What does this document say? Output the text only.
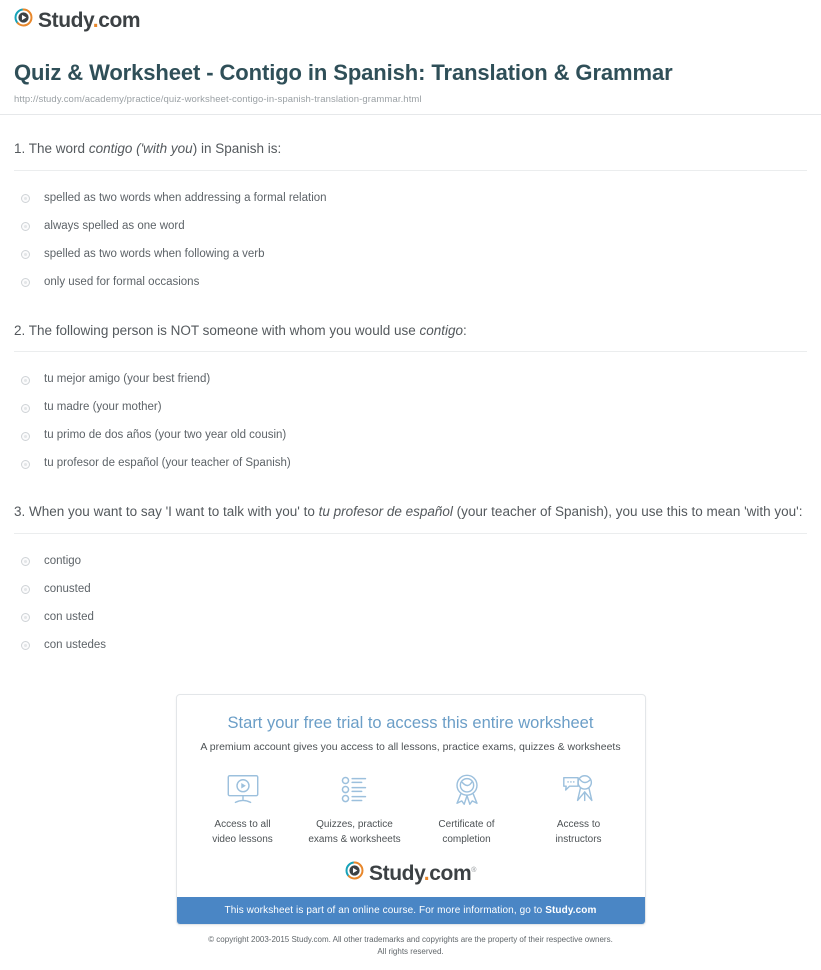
Study.com
Quiz & Worksheet - Contigo in Spanish: Translation & Grammar
http://study.com/academy/practice/quiz-worksheet-contigo-in-spanish-translation-grammar.html
1. The word contigo ('with you) in Spanish is:
spelled as two words when addressing a formal relation
always spelled as one word
spelled as two words when following a verb
only used for formal occasions
2. The following person is NOT someone with whom you would use contigo:
tu mejor amigo (your best friend)
tu madre (your mother)
tu primo de dos años (your two year old cousin)
tu profesor de español (your teacher of Spanish)
3. When you want to say 'I want to talk with you' to tu profesor de español (your teacher of Spanish), you use this to mean 'with you':
contigo
conusted
con usted
con ustedes
Start your free trial to access this entire worksheet
A premium account gives you access to all lessons, practice exams, quizzes & worksheets
Access to all
video lessons
Quizzes, practice
exams & worksheets
Certificate of
completion
Access to
instructors
Study.com®
This worksheet is part of an online course. For more information, go to Study.com
© copyright 2003-2015 Study.com. All other trademarks and copyrights are the property of their respective owners.
All rights reserved.
